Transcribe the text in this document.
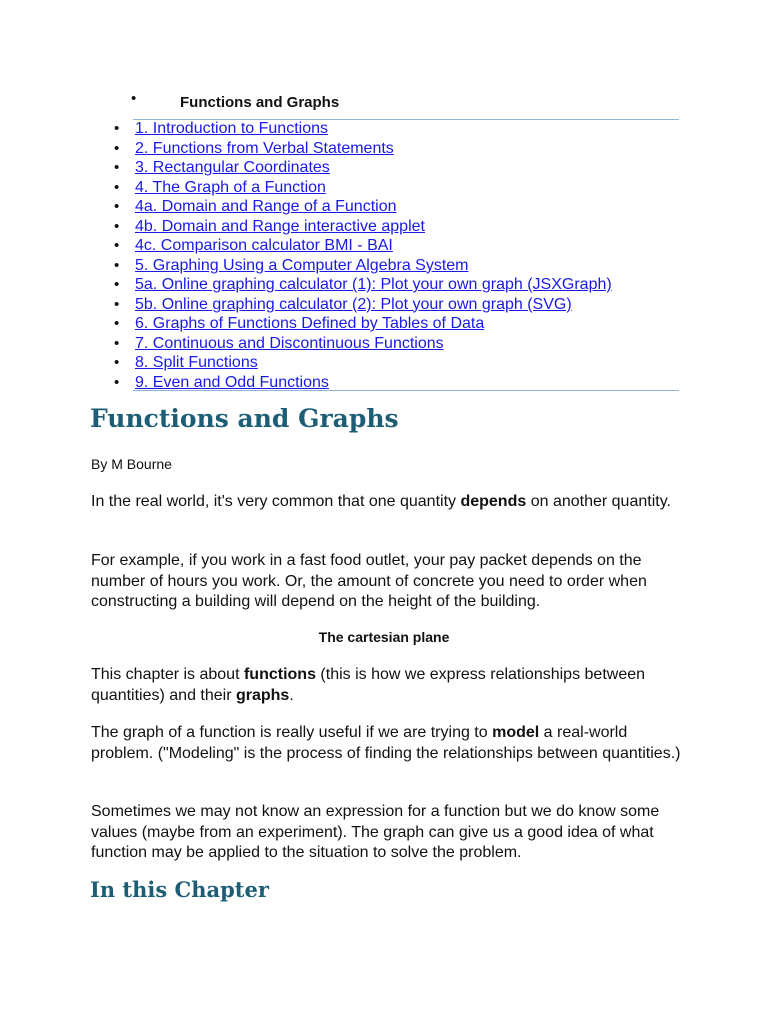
•	Functions and Graphs
• 1. Introduction to Functions
• 2. Functions from Verbal Statements
• 3. Rectangular Coordinates
• 4. The Graph of a Function
• 4a. Domain and Range of a Function
• 4b. Domain and Range interactive applet
• 4c. Comparison calculator BMI - BAI
• 5. Graphing Using a Computer Algebra System
• 5a. Online graphing calculator (1): Plot your own graph (JSXGraph)
• 5b. Online graphing calculator (2): Plot your own graph (SVG)
• 6. Graphs of Functions Defined by Tables of Data
• 7. Continuous and Discontinuous Functions
• 8. Split Functions
• 9. Even and Odd Functions
Functions and Graphs
By M Bourne

In the real world, it's very common that one quantity depends on another quantity.

For example, if you work in a fast food outlet, your pay packet depends on the number of hours you work. Or, the amount of concrete you need to order when constructing a building will depend on the height of the building.

The cartesian plane

This chapter is about functions (this is how we express relationships between quantities) and their graphs.

The graph of a function is really useful if we are trying to model a real-world problem. ("Modeling" is the process of finding the relationships between quantities.)

Sometimes we may not know an expression for a function but we do know some values (maybe from an experiment). The graph can give us a good idea of what function may be applied to the situation to solve the problem.

In this Chapter
